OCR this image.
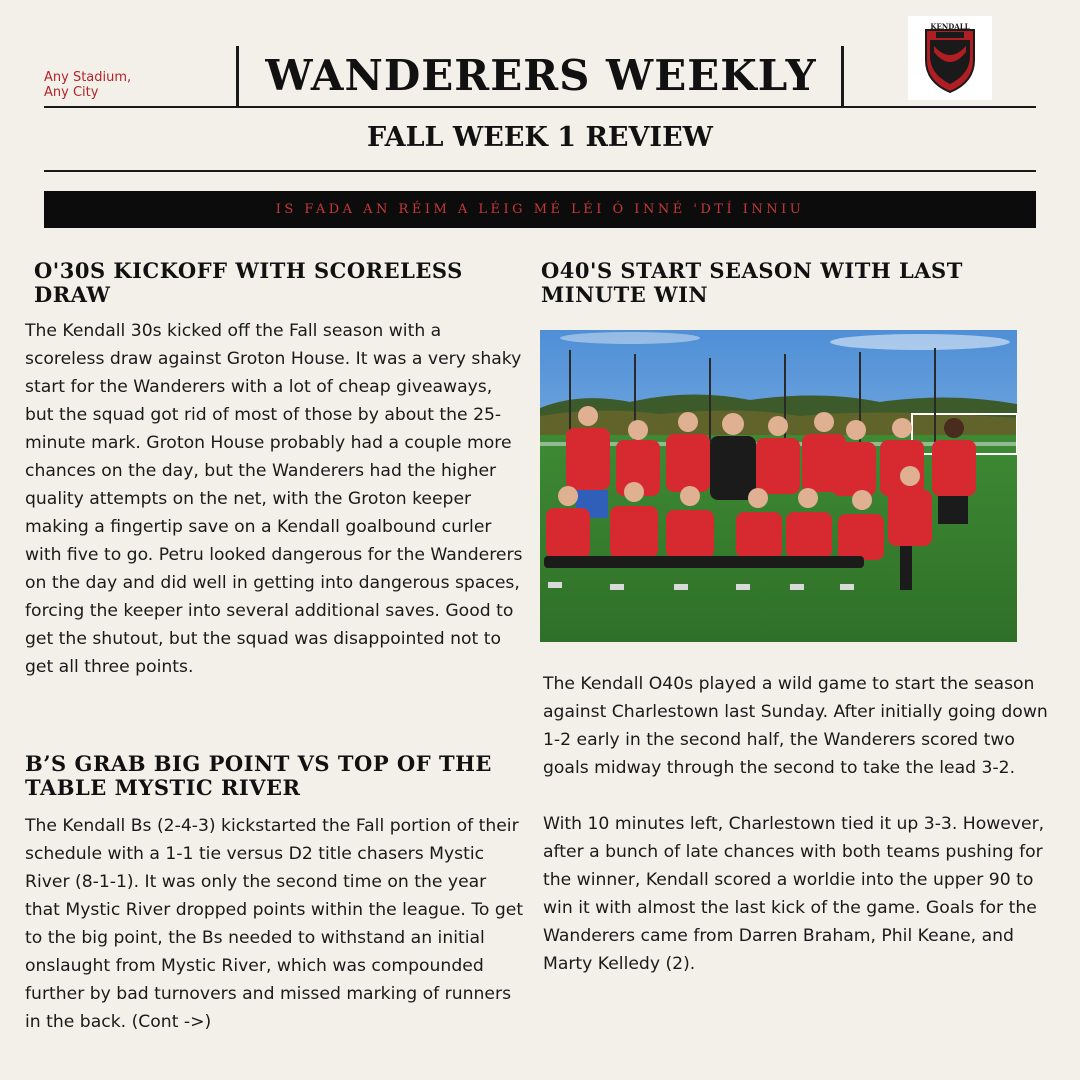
Any Stadium,
Any City	WANDERERS WEEKLY
KENDALL
FALL WEEK 1 REVIEW
IS FADA AN RÉIM A LÉIG MÉ LÉI Ó INNÉ 'DTÍ INNIU
O'30S KICKOFF WITH SCORELESS DRAW
The Kendall 30s kicked off the Fall season with a scoreless draw against Groton House. It was a very shaky start for the Wanderers with a lot of cheap giveaways, but the squad got rid of most of those by about the 25-minute mark. Groton House probably had a couple more chances on the day, but the Wanderers had the higher quality attempts on the net, with the Groton keeper making a fingertip save on a Kendall goalbound curler with five to go. Petru looked dangerous for the Wanderers on the day and did well in getting into dangerous spaces, forcing the keeper into several additional saves. Good to get the shutout, but the squad was disappointed not to get all three points.
B’S GRAB BIG POINT VS TOP OF THE TABLE MYSTIC RIVER
The Kendall Bs (2-4-3) kickstarted the Fall portion of their schedule with a 1-1 tie versus D2 title chasers Mystic River (8-1-1). It was only the second time on the year that Mystic River dropped points within the league. To get to the big point, the Bs needed to withstand an initial onslaught from Mystic River, which was compounded further by bad turnovers and missed marking of runners in the back. (Cont ->)
O40'S START SEASON WITH LAST MINUTE WIN
The Kendall O40s played a wild game to start the season against Charlestown last Sunday. After initially going down 1-2 early in the second half, the Wanderers scored two goals midway through the second to take the lead 3-2.

With 10 minutes left, Charlestown tied it up 3-3. However, after a bunch of late chances with both teams pushing for the winner, Kendall scored a worldie into the upper 90 to win it with almost the last kick of the game. Goals for the Wanderers came from Darren Braham, Phil Keane, and Marty Kelledy (2).
